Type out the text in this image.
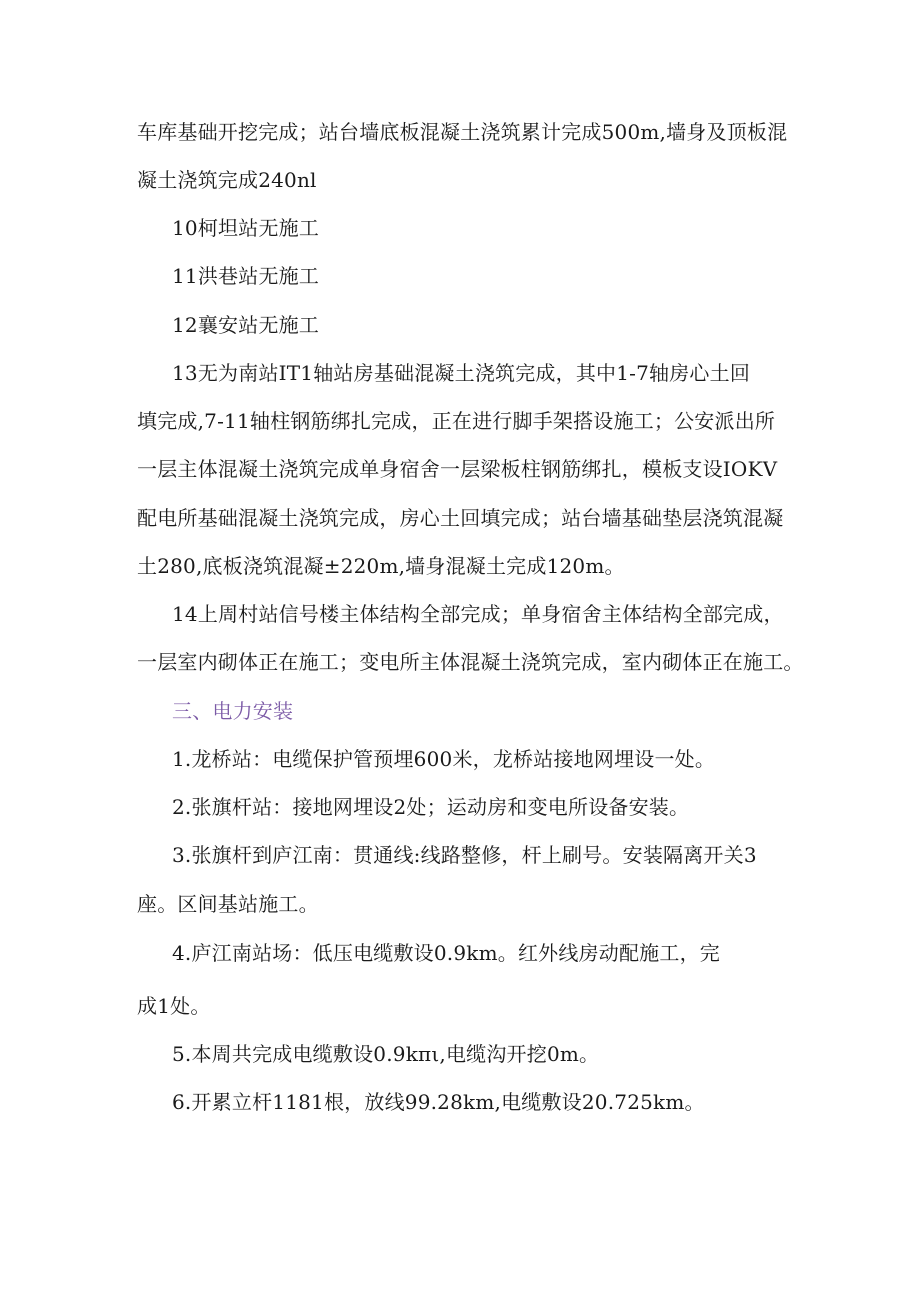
车库基础开挖完成；站台墙底板混凝土浇筑累计完成500m,墙身及顶板混
凝土浇筑完成240nl
10柯坦站无施工
11洪巷站无施工
12襄安站无施工
13无为南站IT1轴站房基础混凝土浇筑完成，其中1-7轴房心土回
填完成,7-11轴柱钢筋绑扎完成，正在进行脚手架搭设施工；公安派出所
一层主体混凝土浇筑完成单身宿舍一层梁板柱钢筋绑扎，模板支设IOKV
配电所基础混凝土浇筑完成，房心土回填完成；站台墙基础垫层浇筑混凝
土280,底板浇筑混凝±220m,墙身混凝土完成120m。
14上周村站信号楼主体结构全部完成；单身宿舍主体结构全部完成，
一层室内砌体正在施工；变电所主体混凝土浇筑完成，室内砌体正在施工。
三、电力安装
1.龙桥站：电缆保护管预埋600米，龙桥站接地网埋设一处。
2.张旗杆站：接地网埋设2处；运动房和变电所设备安装。
3.张旗杆到庐江南：贯通线:线路整修，杆上刷号。安装隔离开关3
座。区间基站施工。
4.庐江南站场：低压电缆敷设0.9km。红外线房动配施工，完
成1处。
5.本周共完成电缆敷设0.9kπι,电缆沟开挖0m。
6.开累立杆1181根，放线99.28km,电缆敷设20.725km。
